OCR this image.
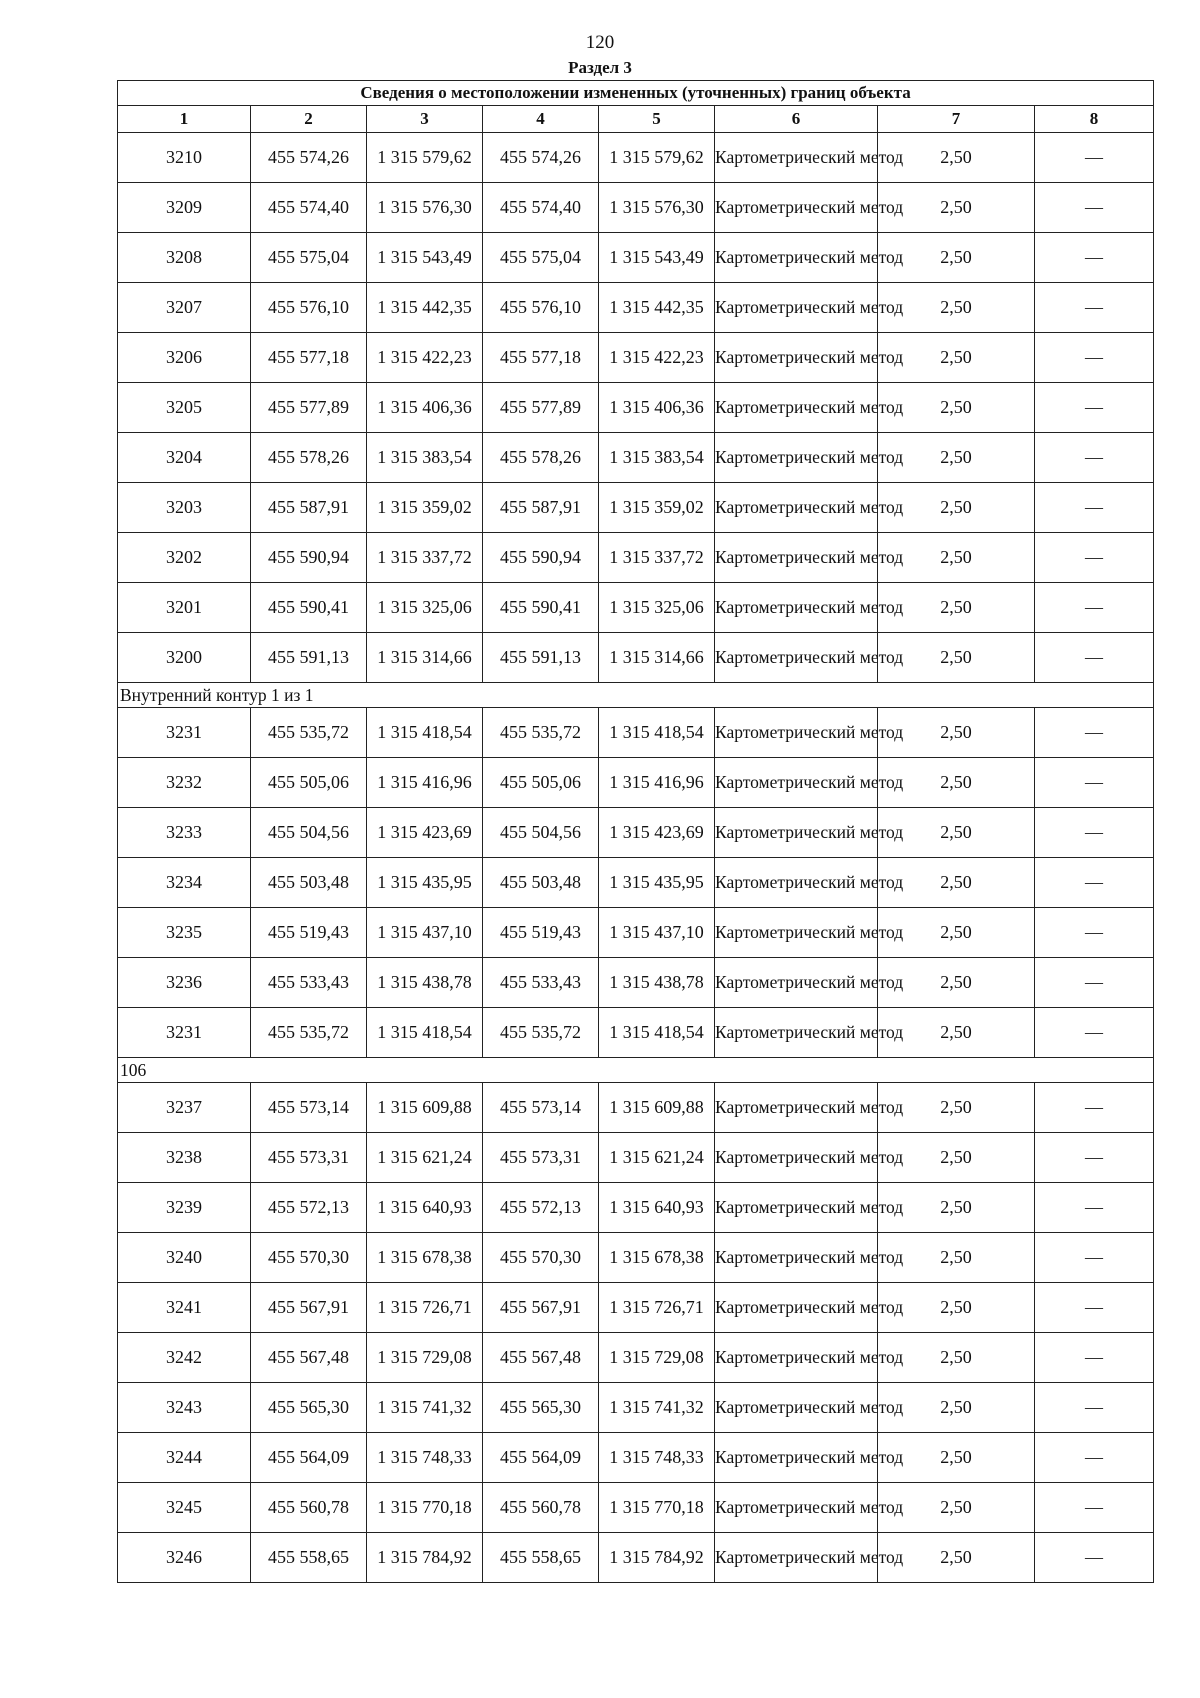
120
Раздел 3
Сведения о местоположении измененных (уточненных) границ объекта							
1	2	3	4	5	6	7	8
3210	455 574,26	1 315 579,62	455 574,26	1 315 579,62	Картометрический метод	2,50	—
3209	455 574,40	1 315 576,30	455 574,40	1 315 576,30	Картометрический метод	2,50	—
3208	455 575,04	1 315 543,49	455 575,04	1 315 543,49	Картометрический метод	2,50	—
3207	455 576,10	1 315 442,35	455 576,10	1 315 442,35	Картометрический метод	2,50	—
3206	455 577,18	1 315 422,23	455 577,18	1 315 422,23	Картометрический метод	2,50	—
3205	455 577,89	1 315 406,36	455 577,89	1 315 406,36	Картометрический метод	2,50	—
3204	455 578,26	1 315 383,54	455 578,26	1 315 383,54	Картометрический метод	2,50	—
3203	455 587,91	1 315 359,02	455 587,91	1 315 359,02	Картометрический метод	2,50	—
3202	455 590,94	1 315 337,72	455 590,94	1 315 337,72	Картометрический метод	2,50	—
3201	455 590,41	1 315 325,06	455 590,41	1 315 325,06	Картометрический метод	2,50	—
3200	455 591,13	1 315 314,66	455 591,13	1 315 314,66	Картометрический метод	2,50	—
Внутренний контур 1 из 1							
3231	455 535,72	1 315 418,54	455 535,72	1 315 418,54	Картометрический метод	2,50	—
3232	455 505,06	1 315 416,96	455 505,06	1 315 416,96	Картометрический метод	2,50	—
3233	455 504,56	1 315 423,69	455 504,56	1 315 423,69	Картометрический метод	2,50	—
3234	455 503,48	1 315 435,95	455 503,48	1 315 435,95	Картометрический метод	2,50	—
3235	455 519,43	1 315 437,10	455 519,43	1 315 437,10	Картометрический метод	2,50	—
3236	455 533,43	1 315 438,78	455 533,43	1 315 438,78	Картометрический метод	2,50	—
3231	455 535,72	1 315 418,54	455 535,72	1 315 418,54	Картометрический метод	2,50	—
106							
3237	455 573,14	1 315 609,88	455 573,14	1 315 609,88	Картометрический метод	2,50	—
3238	455 573,31	1 315 621,24	455 573,31	1 315 621,24	Картометрический метод	2,50	—
3239	455 572,13	1 315 640,93	455 572,13	1 315 640,93	Картометрический метод	2,50	—
3240	455 570,30	1 315 678,38	455 570,30	1 315 678,38	Картометрический метод	2,50	—
3241	455 567,91	1 315 726,71	455 567,91	1 315 726,71	Картометрический метод	2,50	—
3242	455 567,48	1 315 729,08	455 567,48	1 315 729,08	Картометрический метод	2,50	—
3243	455 565,30	1 315 741,32	455 565,30	1 315 741,32	Картометрический метод	2,50	—
3244	455 564,09	1 315 748,33	455 564,09	1 315 748,33	Картометрический метод	2,50	—
3245	455 560,78	1 315 770,18	455 560,78	1 315 770,18	Картометрический метод	2,50	—
3246	455 558,65	1 315 784,92	455 558,65	1 315 784,92	Картометрический метод	2,50	—
